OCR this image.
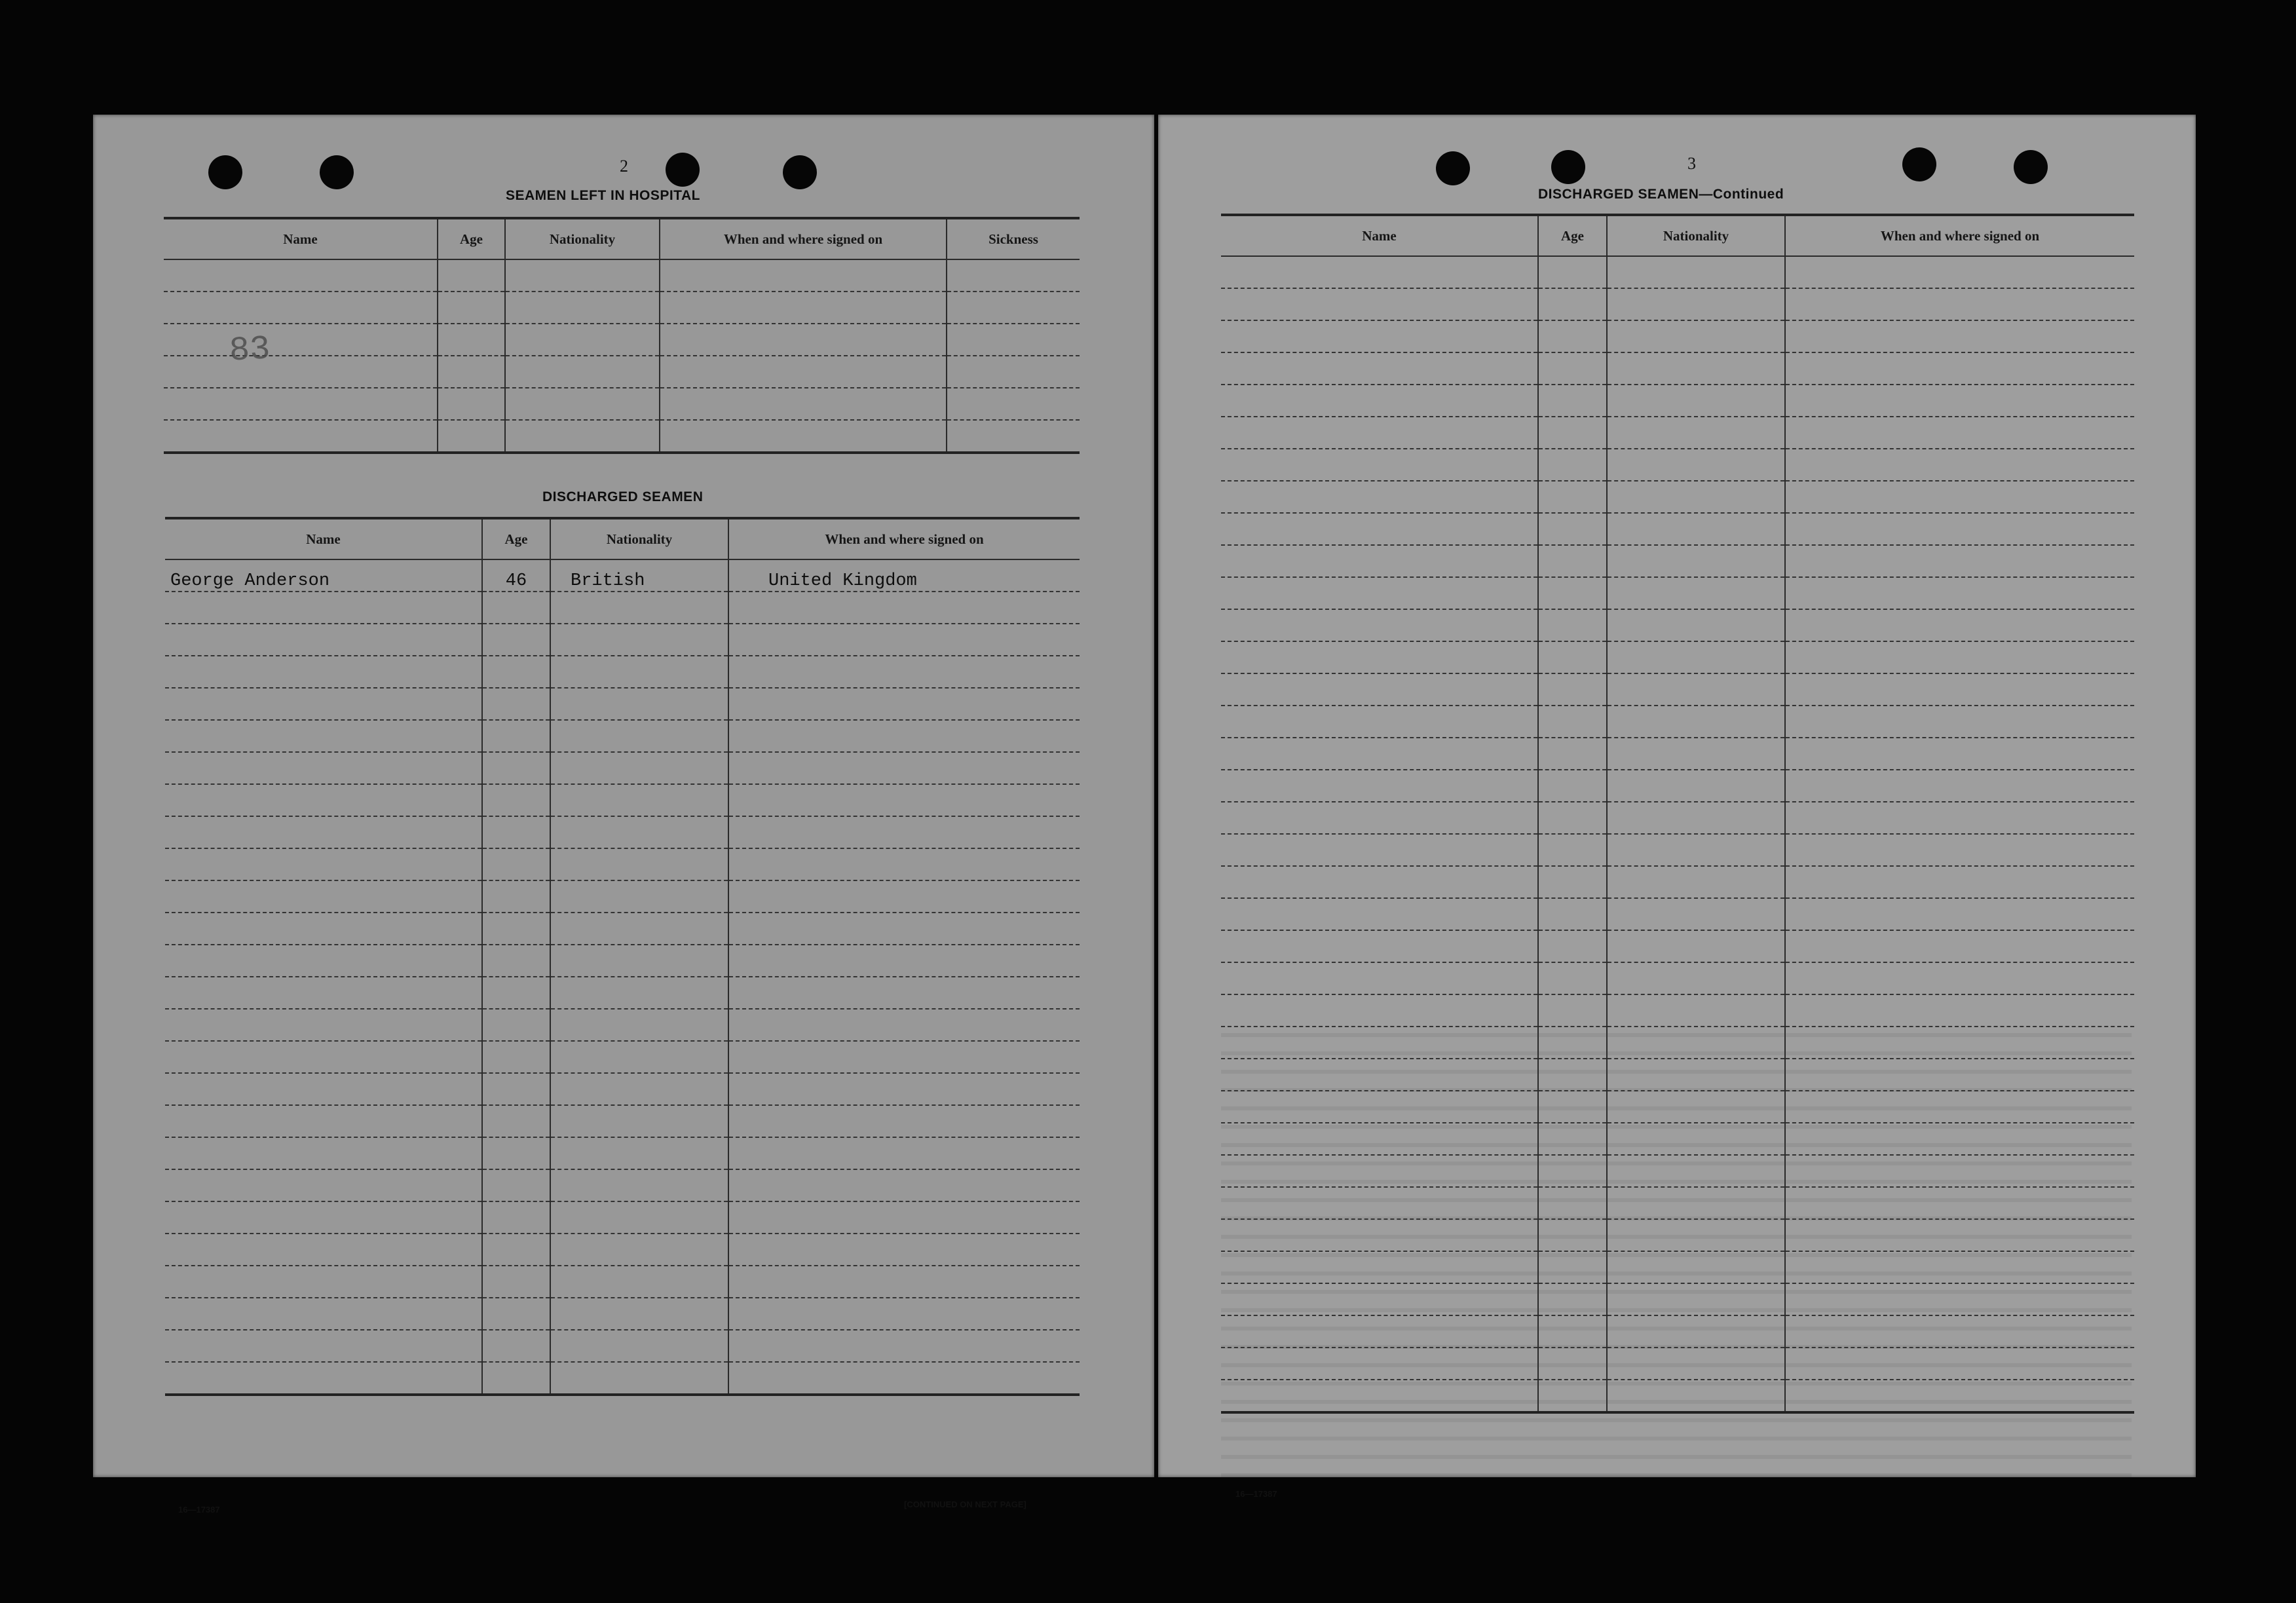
2
SEAMEN LEFT IN HOSPITAL
Name	Age	Nationality	When and where signed on	Sickness

83
DISCHARGED SEAMEN
Name	Age	Nationality	When and where signed on
George Anderson	46	British	United Kingdom

16—17387
[CONTINUED ON NEXT PAGE]
3
DISCHARGED SEAMEN—Continued
Name	Age	Nationality	When and where signed on

16—17387
